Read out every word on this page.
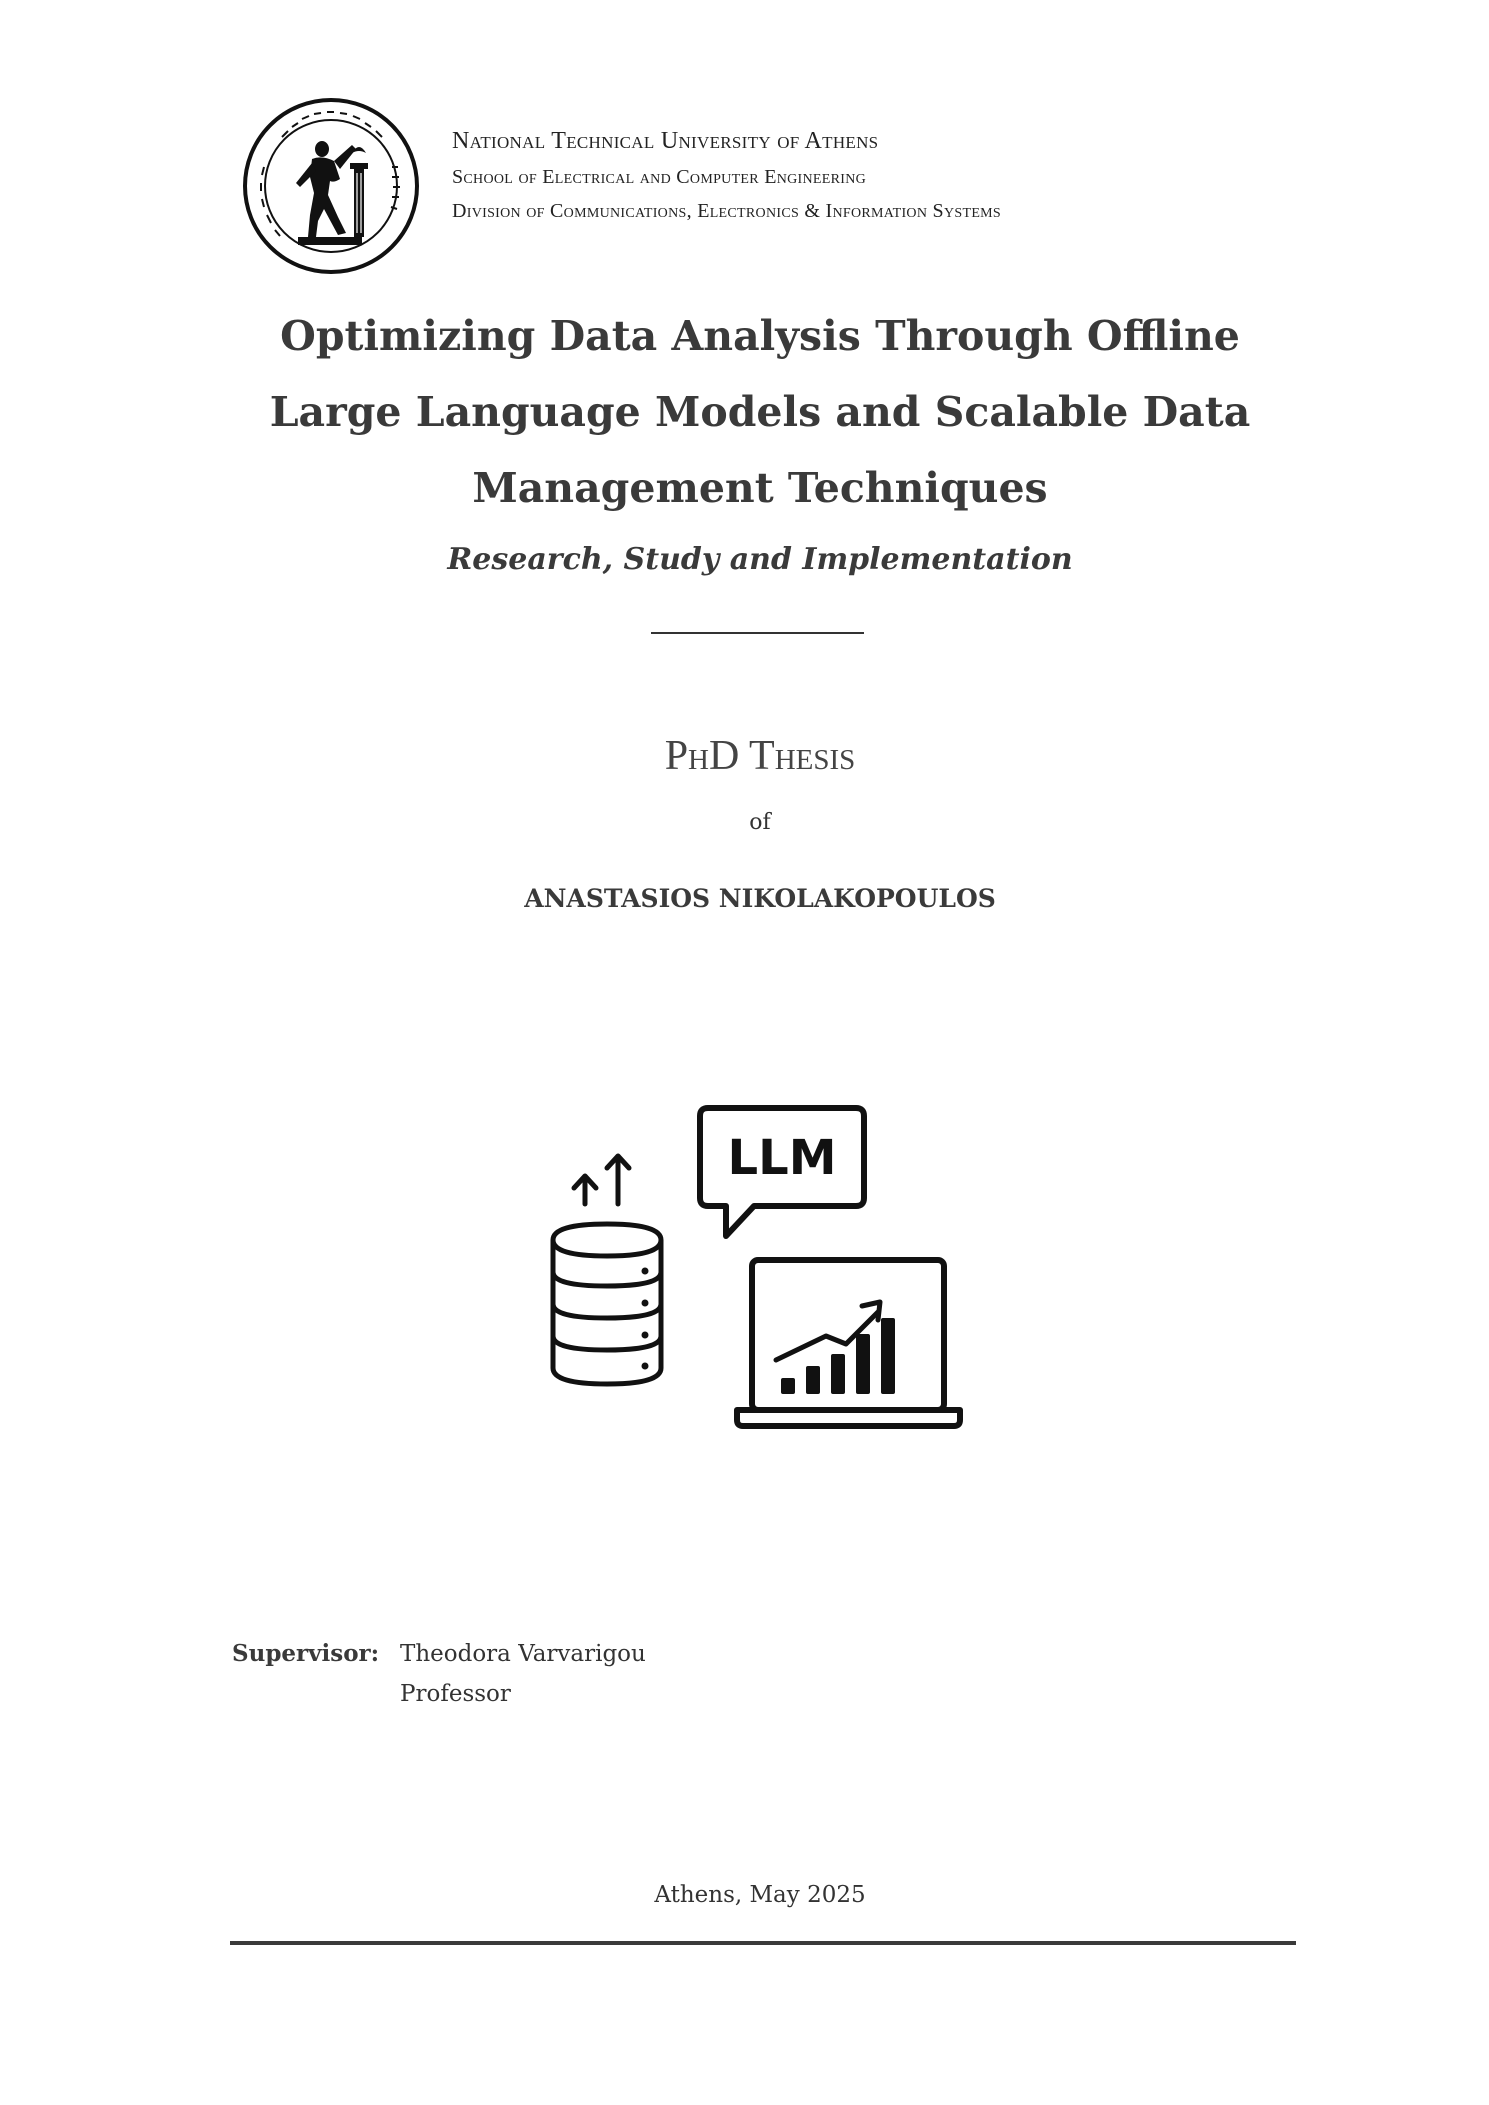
National Technical University of Athens
School of Electrical and Computer Engineering
Division of Communications, Electronics & Information Systems
Optimizing Data Analysis Through Offline
Large Language Models and Scalable Data
Management Techniques
Research, Study and Implementation
PhD Thesis
of
ANASTASIOS NIKOLAKOPOULOS
LLM
Supervisor: Theodora Varvarigou
Professor
Athens, May 2025
